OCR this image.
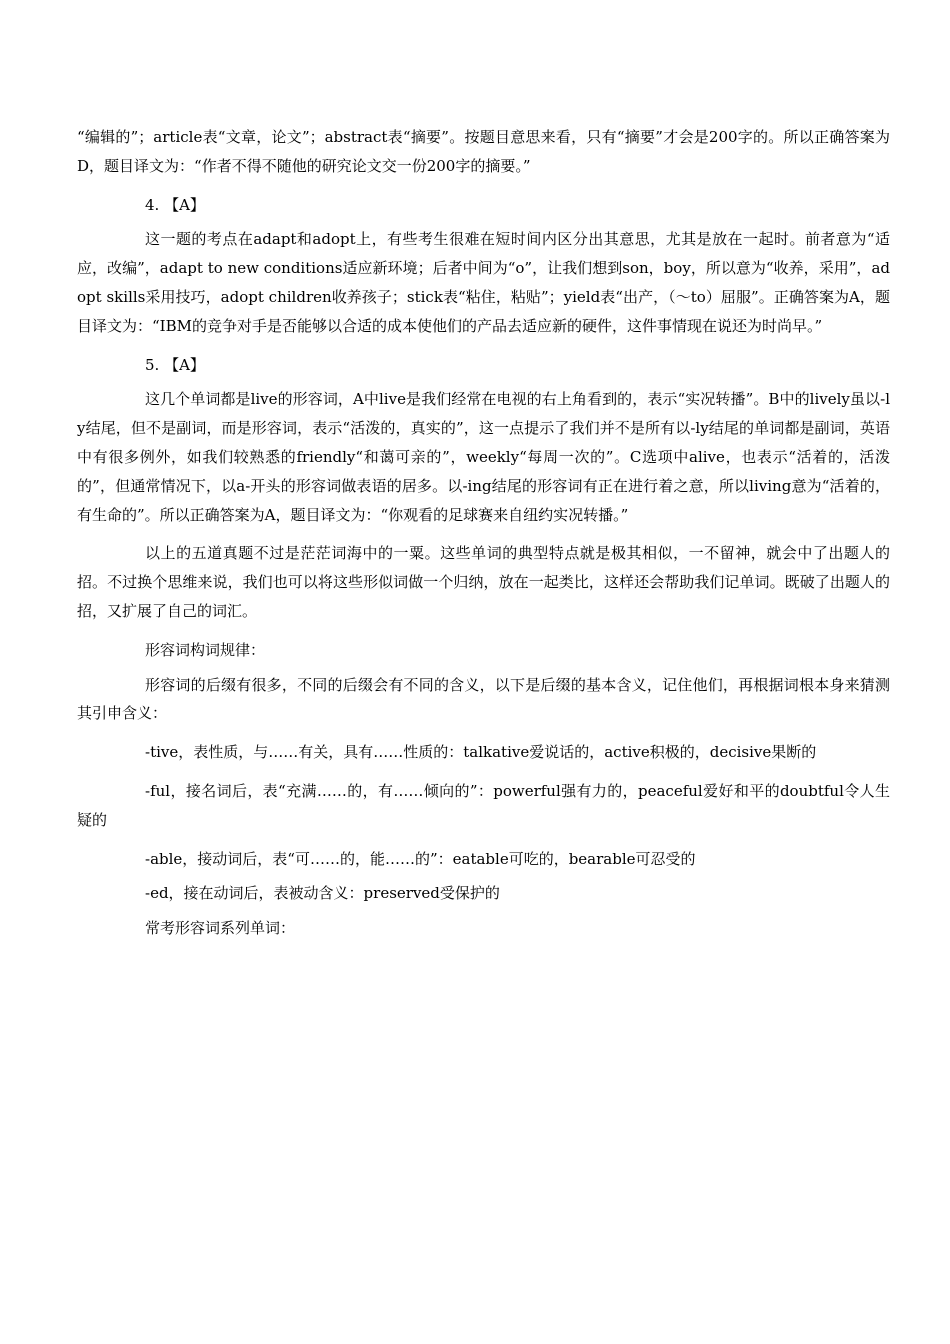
“编辑的”；article表“文章，论文”；abstract表“摘要”。按题目意思来看，只有“摘要”才会是200字的。所以正确答案为D，题目译文为：“作者不得不随他的研究论文交一份200字的摘要。”

4. 【A】

这一题的考点在adapt和adopt上，有些考生很难在短时间内区分出其意思，尤其是放在一起时。前者意为“适应，改编”，adapt to new conditions适应新环境；后者中间为“o”，让我们想到son，boy，所以意为“收养，采用”，adopt skills采用技巧，adopt children收养孩子；stick表“粘住，粘贴”；yield表“出产，（～to）屈服”。正确答案为A，题目译文为：“IBM的竞争对手是否能够以合适的成本使他们的产品去适应新的硬件，这件事情现在说还为时尚早。”

5. 【A】

这几个单词都是live的形容词，A中live是我们经常在电视的右上角看到的，表示“实况转播”。B中的lively虽以-ly结尾，但不是副词，而是形容词，表示“活泼的，真实的”，这一点提示了我们并不是所有以-ly结尾的单词都是副词，英语中有很多例外，如我们较熟悉的friendly“和蔼可亲的”，weekly“每周一次的”。C选项中alive，也表示“活着的，活泼的”，但通常情况下，以a-开头的形容词做表语的居多。以-ing结尾的形容词有正在进行着之意，所以living意为“活着的，有生命的”。所以正确答案为A，题目译文为：“你观看的足球赛来自纽约实况转播。”

以上的五道真题不过是茫茫词海中的一粟。这些单词的典型特点就是极其相似，一不留神，就会中了出题人的招。不过换个思维来说，我们也可以将这些形似词做一个归纳，放在一起类比，这样还会帮助我们记单词。既破了出题人的招，又扩展了自己的词汇。

形容词构词规律：

形容词的后缀有很多，不同的后缀会有不同的含义，以下是后缀的基本含义，记住他们，再根据词根本身来猜测其引申含义：

-tive，表性质，与……有关，具有……性质的：talkative爱说话的，active积极的，decisive果断的

-ful，接名词后，表“充满……的，有……倾向的”：powerful强有力的，peaceful爱好和平的doubtful令人生疑的

-able，接动词后，表“可……的，能……的”：eatable可吃的，bearable可忍受的

-ed，接在动词后，表被动含义：preserved受保护的

常考形容词系列单词：
